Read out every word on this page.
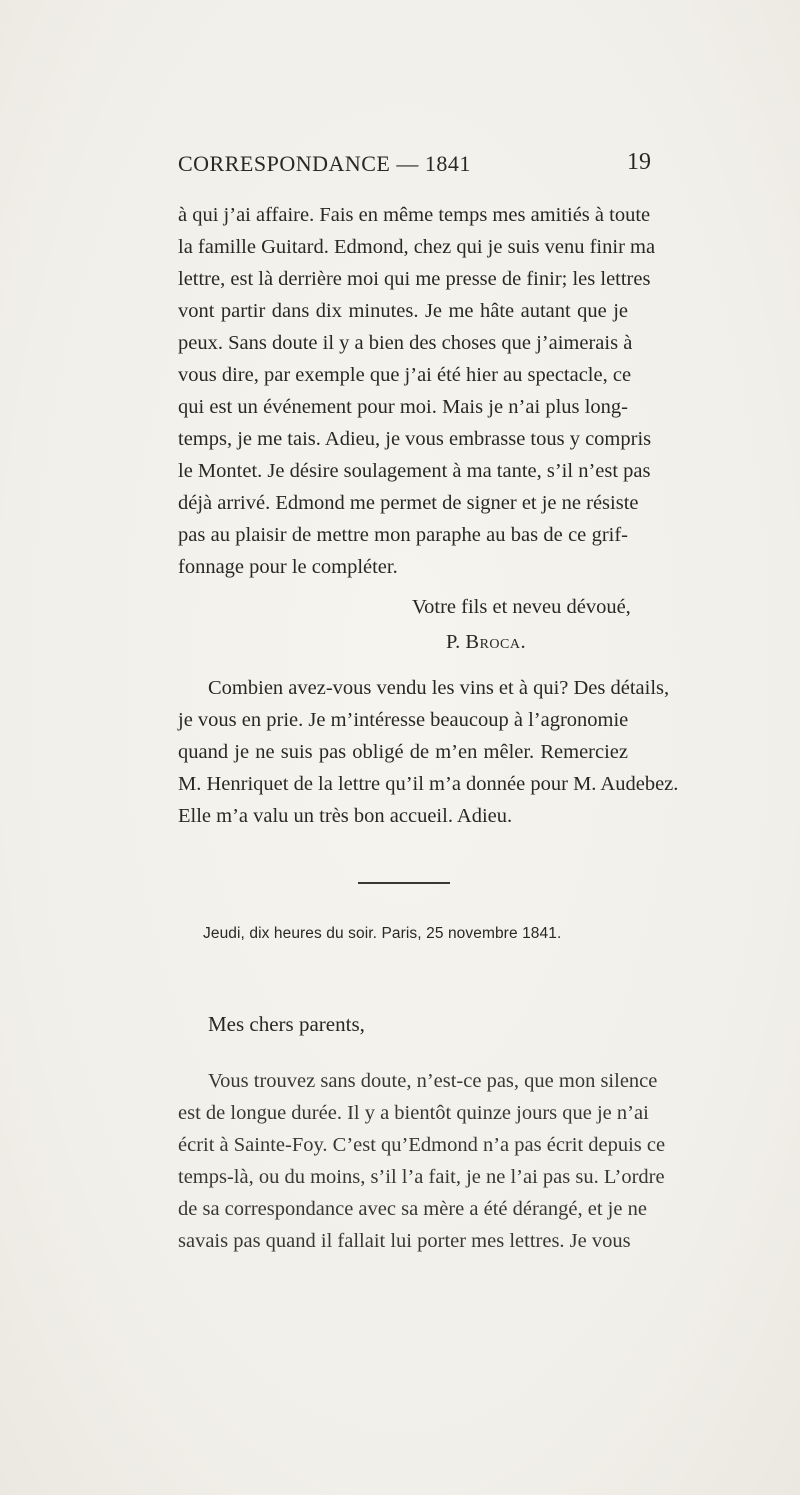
CORRESPONDANCE — 1841	19
à qui j’ai affaire. Fais en même temps mes amitiés à toute
la famille Guitard. Edmond, chez qui je suis venu finir ma
lettre, est là derrière moi qui me presse de finir; les lettres
vont partir dans dix minutes. Je me hâte autant que je
peux. Sans doute il y a bien des choses que j’aimerais à
vous dire, par exemple que j’ai été hier au spectacle, ce
qui est un événement pour moi. Mais je n’ai plus long-
temps, je me tais. Adieu, je vous embrasse tous y compris
le Montet. Je désire soulagement à ma tante, s’il n’est pas
déjà arrivé. Edmond me permet de signer et je ne résiste
pas au plaisir de mettre mon paraphe au bas de ce grif-
fonnage pour le compléter.
Votre fils et neveu dévoué,
P. Broca.
Combien avez-vous vendu les vins et à qui? Des détails,
je vous en prie. Je m’intéresse beaucoup à l’agronomie
quand je ne suis pas obligé de m’en mêler. Remerciez
M. Henriquet de la lettre qu’il m’a donnée pour M. Audebez.
Elle m’a valu un très bon accueil. Adieu.
Jeudi, dix heures du soir. Paris, 25 novembre 1841.
Mes chers parents,
Vous trouvez sans doute, n’est-ce pas, que mon silence
est de longue durée. Il y a bientôt quinze jours que je n’ai
écrit à Sainte-Foy. C’est qu’Edmond n’a pas écrit depuis ce
temps-là, ou du moins, s’il l’a fait, je ne l’ai pas su. L’ordre
de sa correspondance avec sa mère a été dérangé, et je ne
savais pas quand il fallait lui porter mes lettres. Je vous
